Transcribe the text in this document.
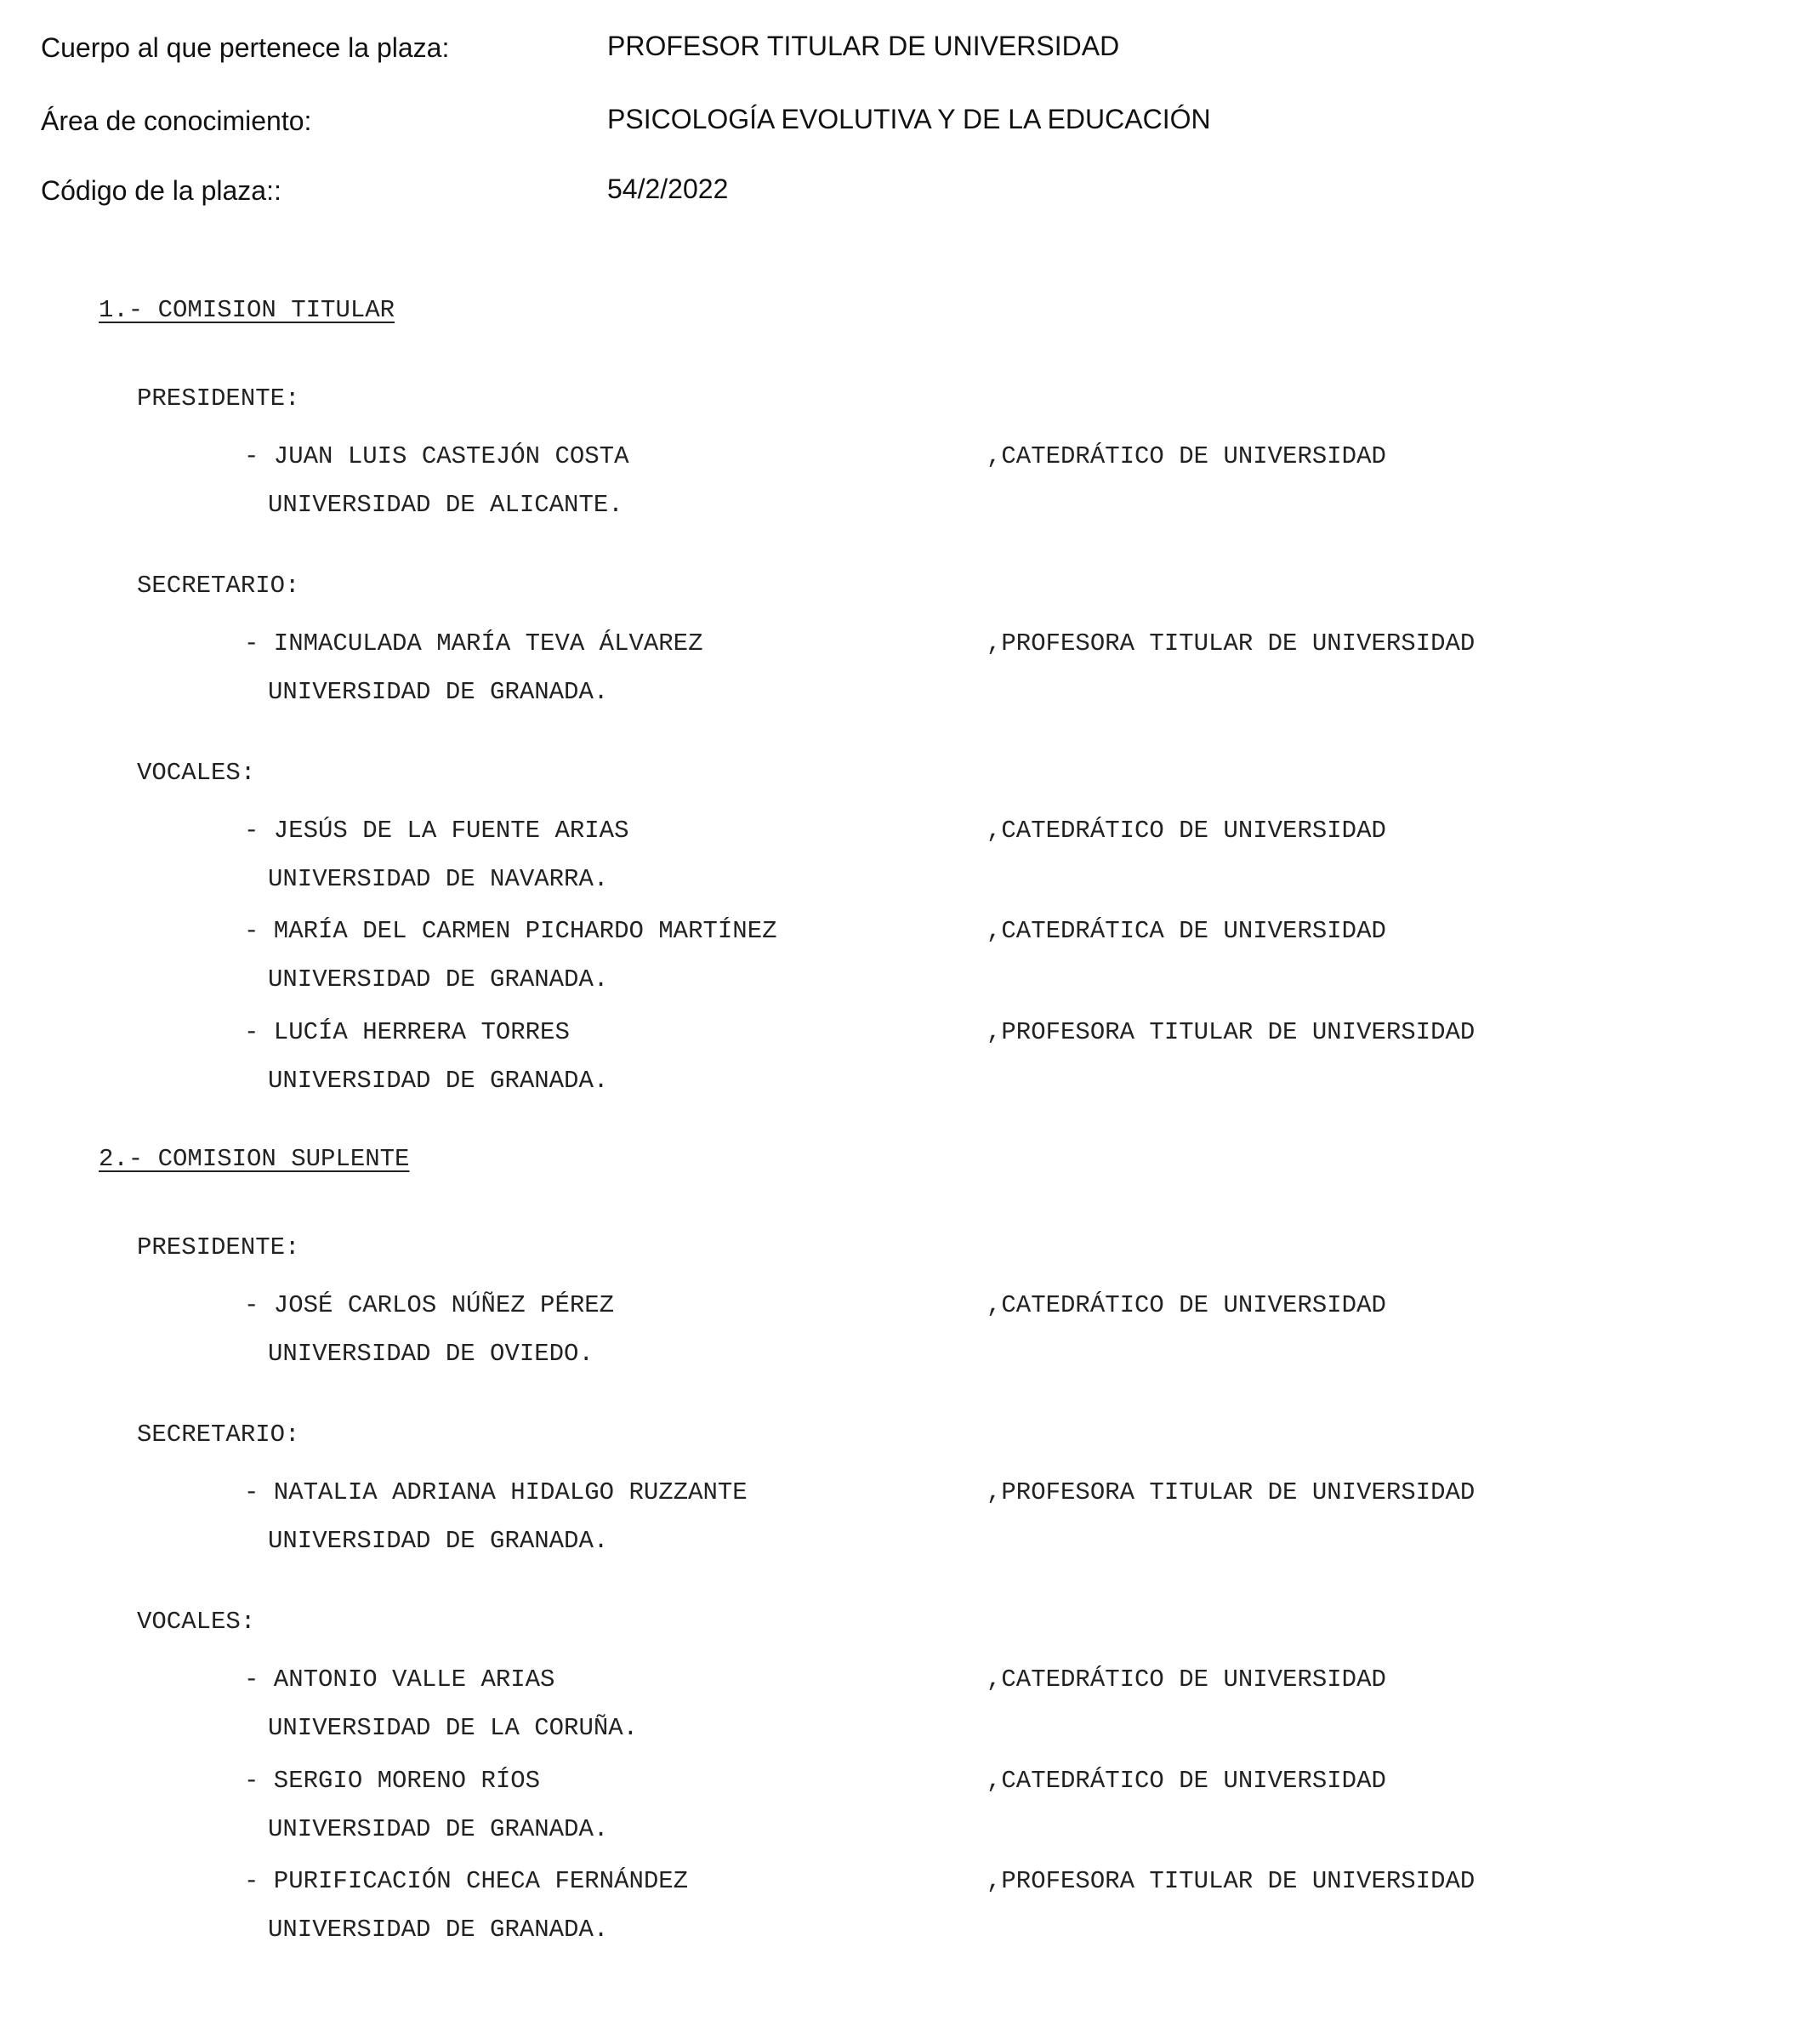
Cuerpo al que pertenece la plaza:	PROFESOR TITULAR DE UNIVERSIDAD
Área de conocimiento:	PSICOLOGÍA EVOLUTIVA Y DE LA EDUCACIÓN
Código de la plaza::	54/2/2022
1.- COMISION TITULAR
PRESIDENTE:
- JUAN LUIS CASTEJÓN COSTA	,CATEDRÁTICO DE UNIVERSIDAD
UNIVERSIDAD DE ALICANTE.
SECRETARIO:
- INMACULADA MARÍA TEVA ÁLVAREZ	,PROFESORA TITULAR DE UNIVERSIDAD
UNIVERSIDAD DE GRANADA.
VOCALES:
- JESÚS DE LA FUENTE ARIAS	,CATEDRÁTICO DE UNIVERSIDAD
UNIVERSIDAD DE NAVARRA.
- MARÍA DEL CARMEN PICHARDO MARTÍNEZ	,CATEDRÁTICA DE UNIVERSIDAD
UNIVERSIDAD DE GRANADA.
- LUCÍA HERRERA TORRES	,PROFESORA TITULAR DE UNIVERSIDAD
UNIVERSIDAD DE GRANADA.
2.- COMISION SUPLENTE
PRESIDENTE:
- JOSÉ CARLOS NÚÑEZ PÉREZ	,CATEDRÁTICO DE UNIVERSIDAD
UNIVERSIDAD DE OVIEDO.
SECRETARIO:
- NATALIA ADRIANA HIDALGO RUZZANTE	,PROFESORA TITULAR DE UNIVERSIDAD
UNIVERSIDAD DE GRANADA.
VOCALES:
- ANTONIO VALLE ARIAS	,CATEDRÁTICO DE UNIVERSIDAD
UNIVERSIDAD DE LA CORUÑA.
- SERGIO MORENO RÍOS	,CATEDRÁTICO DE UNIVERSIDAD
UNIVERSIDAD DE GRANADA.
- PURIFICACIÓN CHECA FERNÁNDEZ	,PROFESORA TITULAR DE UNIVERSIDAD
UNIVERSIDAD DE GRANADA.
